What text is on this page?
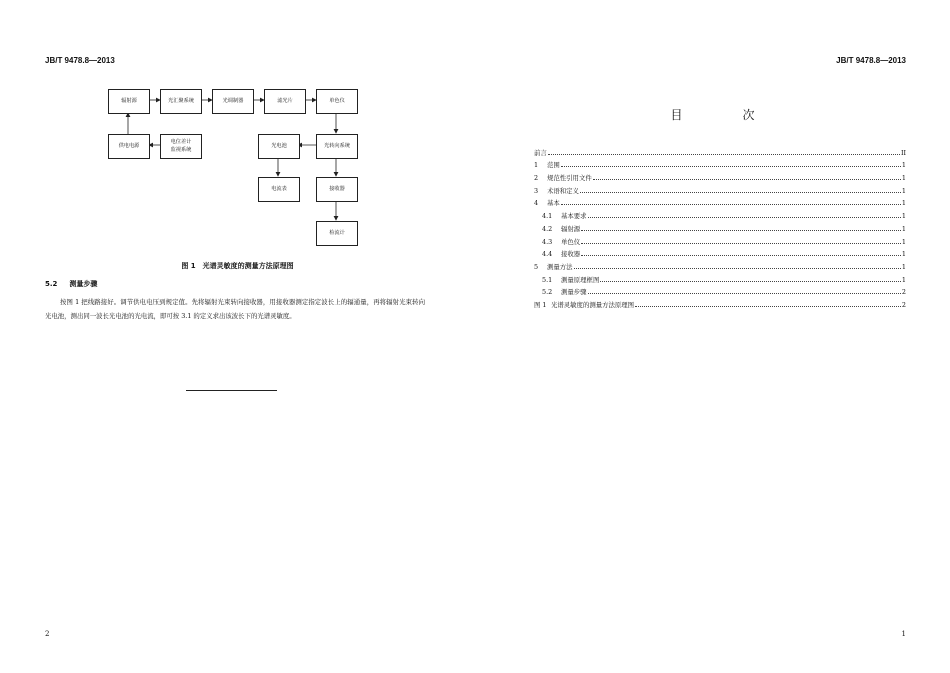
JB/T 9478.8—2013
辐射源	光汇聚系统	光调制器	滤光片	单色仪
供电电源
电位差计
监视系统
光电池	光转向系统
电流表	接收器
检流计
图 1　光谱灵敏度的测量方法原理图
5.2 测量步骤
按图 1 把线路接好。调节供电电压到规定值。先将辐射光束转向接收器，用接收器测定指定波长上的辐通量，再将辐射光束转向光电池，测出同一波长光电池的光电流，即可按 3.1 的定义求出该波长下的光谱灵敏度。
2
JB/T 9478.8—2013
目　次
前言	II
1 范围	1
2 规范性引用文件	1
3 术语和定义	1
4 基本	1
4.1 基本要求	1
4.2 辐射源	1
4.3 单色仪	1
4.4 接收器	1
5 测量方法	1
5.1 测量原理框图	1
5.2 测量步骤	2
图 1 光谱灵敏度的测量方法原理图	2
1
